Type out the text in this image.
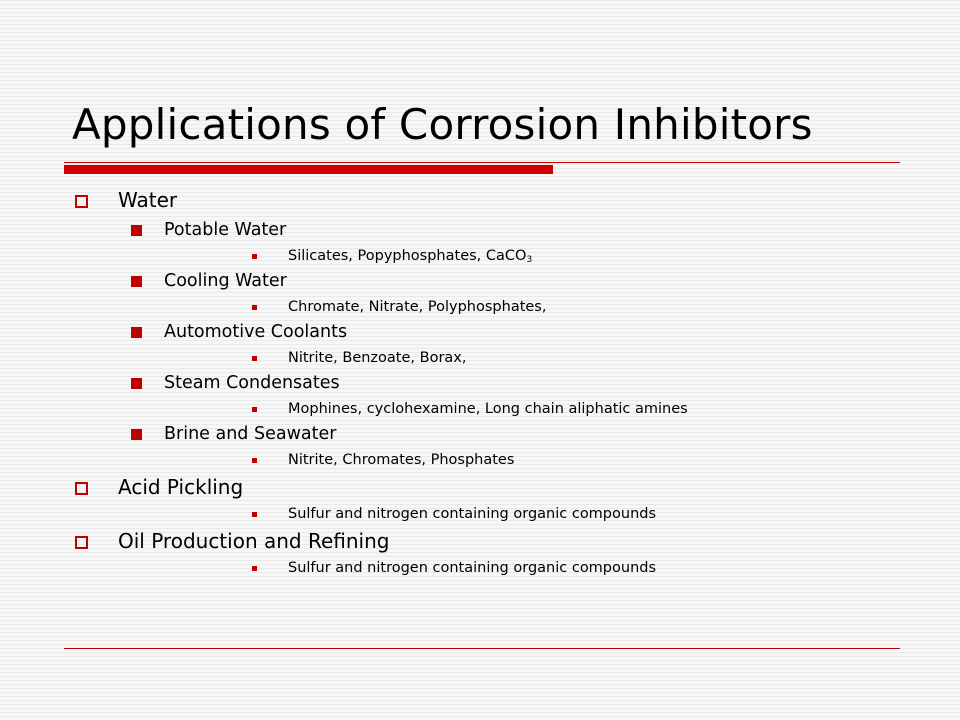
Applications of Corrosion Inhibitors
Water
Potable Water
Silicates, Popyphosphates, CaCO$_3$
Cooling Water
Chromate, Nitrate, Polyphosphates,
Automotive Coolants
Nitrite, Benzoate, Borax,
Steam Condensates
Mophines, cyclohexamine, Long chain aliphatic amines
Brine and Seawater
Nitrite, Chromates, Phosphates
Acid Pickling
Sulfur and nitrogen containing organic compounds
Oil Production and Refining
Sulfur and nitrogen containing organic compounds
